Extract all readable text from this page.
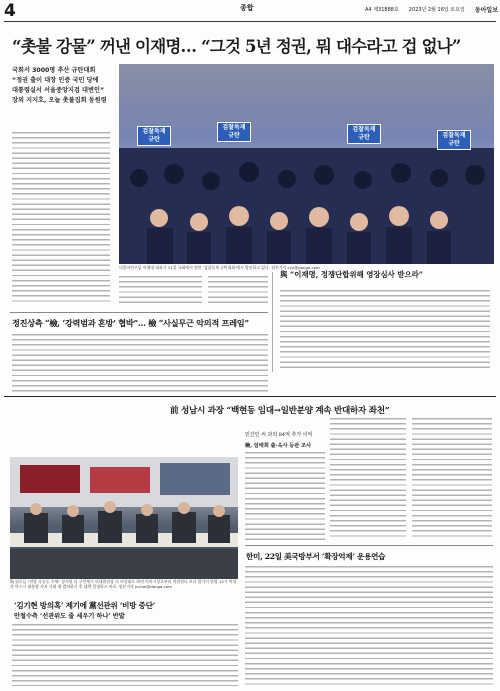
4	종합	A4 제31888호 2023년 2월 16일 토요일 동아일보
“촛불 강물” 꺼낸 이재명… “그것 5년 정권, 뭐 대수라고 겁 없나”
국회서 3000명 추산 규탄대회
“정권 출이 대장 인증 국민 당에
대통령실서 서울중앙지검 대변인”
장외 지지호, 오늘 촛불집회 동원령
검찰독재
규탄
검찰독재
규탄
검찰독재
규탄	검찰독재
규탄
더불어민주당 이재명 대표가 11일 국회에서 열린 '검찰독재 규탄대회'에서 발언하고 있다. 원본기자 cyy@donga.com
與 “이재명, 정쟁단합위해 영장심사 받으라”
정진상측 “檢, ‘강력범과 혼방’ 협박”… 檢 “사실무근 악의적 프레임”
前 성남시 과장 “백현동 임대→일반분양 계속 반대하자 좌천”
與 원로들 "전당 속공동 우세" 강서원 더 구인세기 비대위원장 더 비상대로 하면 이비시상로부터 의원원다 보다 발기이 한법 12시 여내각 마스시 대통령 지지 거대 제 발의하기 후 대책 일정하고 바로. 원본기자 jcchoi@donga.com
민간인 씨 과외 84억 추가 이익
檢, 임태희 출·옥사 등판 조사
‘김기현 방의혹’ 제기에 黨선관위 ‘비방 중단’
안철수측 ‘선관위도 줄 세우기 하나’ 반발
한미, 22일 美국방부서 ‘확장억제’ 운용연습
